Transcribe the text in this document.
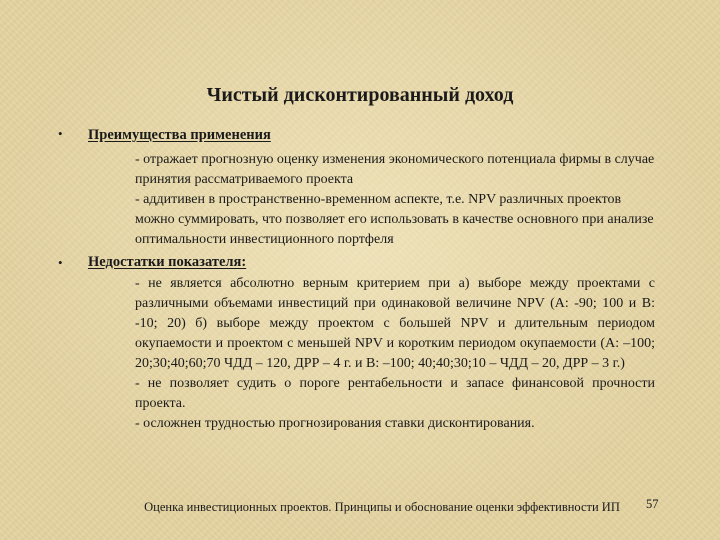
Чистый дисконтированный доход
• Преимущества применения

- отражает прогнозную оценку изменения экономического потенциала фирмы в случае принятия рассматриваемого проекта

- аддитивен в пространственно-временном аспекте, т.е. NPV различных проектов можно суммировать, что позволяет его использовать в качестве основного при анализе оптимальности инвестиционного портфеля

• Недостатки показателя:

- не является абсолютно верным критерием при а) выборе между проектами с различными объемами инвестиций при одинаковой величине NPV (А: -90; 100 и В: -10; 20) б) выборе между проектом с большей NPV и длительным периодом окупаемости и проектом с меньшей NPV и коротким периодом окупаемости (А: –100; 20;30;40;60;70 ЧДД – 120, ДРР – 4 г. и В: –100; 40;40;30;10 – ЧДД – 20, ДРР – 3 г.)

- не позволяет судить о пороге рентабельности и запасе финансовой прочности проекта.

- осложнен трудностью прогнозирования ставки дисконтирования.

Оценка инвестиционных проектов. Принципы и обоснование оценки эффективности ИП	57
